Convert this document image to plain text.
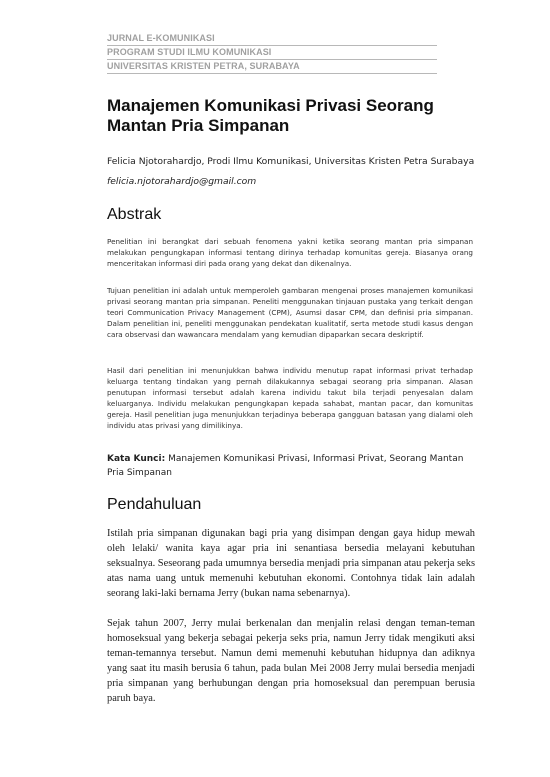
JURNAL E-KOMUNIKASI
PROGRAM STUDI ILMU KOMUNIKASI
UNIVERSITAS KRISTEN PETRA, SURABAYA
Manajemen Komunikasi Privasi Seorang Mantan Pria Simpanan
Felicia Njotorahardjo, Prodi Ilmu Komunikasi, Universitas Kristen Petra Surabaya
felicia.njotorahardjo@gmail.com
Abstrak

Penelitian ini berangkat dari sebuah fenomena yakni ketika seorang mantan pria simpanan melakukan pengungkapan informasi tentang dirinya terhadap komunitas gereja. Biasanya orang menceritakan informasi diri pada orang yang dekat dan dikenalnya.

Tujuan penelitian ini adalah untuk memperoleh gambaran mengenai proses manajemen komunikasi privasi seorang mantan pria simpanan. Peneliti menggunakan tinjauan pustaka yang terkait dengan teori Communication Privacy Management (CPM), Asumsi dasar CPM, dan definisi pria simpanan. Dalam penelitian ini, peneliti menggunakan pendekatan kualitatif, serta metode studi kasus dengan cara observasi dan wawancara mendalam yang kemudian dipaparkan secara deskriptif.

Hasil dari penelitian ini menunjukkan bahwa individu menutup rapat informasi privat terhadap keluarga tentang tindakan yang pernah dilakukannya sebagai seorang pria simpanan. Alasan penutupan informasi tersebut adalah karena individu takut bila terjadi penyesalan dalam keluarganya. Individu melakukan pengungkapan kepada sahabat, mantan pacar, dan komunitas gereja. Hasil penelitian juga menunjukkan terjadinya beberapa gangguan batasan yang dialami oleh individu atas privasi yang dimilikinya.

Kata Kunci: Manajemen Komunikasi Privasi, Informasi Privat, Seorang Mantan Pria Simpanan
Pendahuluan

Istilah pria simpanan digunakan bagi pria yang disimpan dengan gaya hidup mewah oleh lelaki/ wanita kaya agar pria ini senantiasa bersedia melayani kebutuhan seksualnya. Seseorang pada umumnya bersedia menjadi pria simpanan atau pekerja seks atas nama uang untuk memenuhi kebutuhan ekonomi. Contohnya tidak lain adalah seorang laki-laki bernama Jerry (bukan nama sebenarnya).

Sejak tahun 2007, Jerry mulai berkenalan dan menjalin relasi dengan teman-teman homoseksual yang bekerja sebagai pekerja seks pria, namun Jerry tidak mengikuti aksi teman-temannya tersebut. Namun demi memenuhi kebutuhan hidupnya dan adiknya yang saat itu masih berusia 6 tahun, pada bulan Mei 2008 Jerry mulai bersedia menjadi pria simpanan yang berhubungan dengan pria homoseksual dan perempuan berusia paruh baya.
